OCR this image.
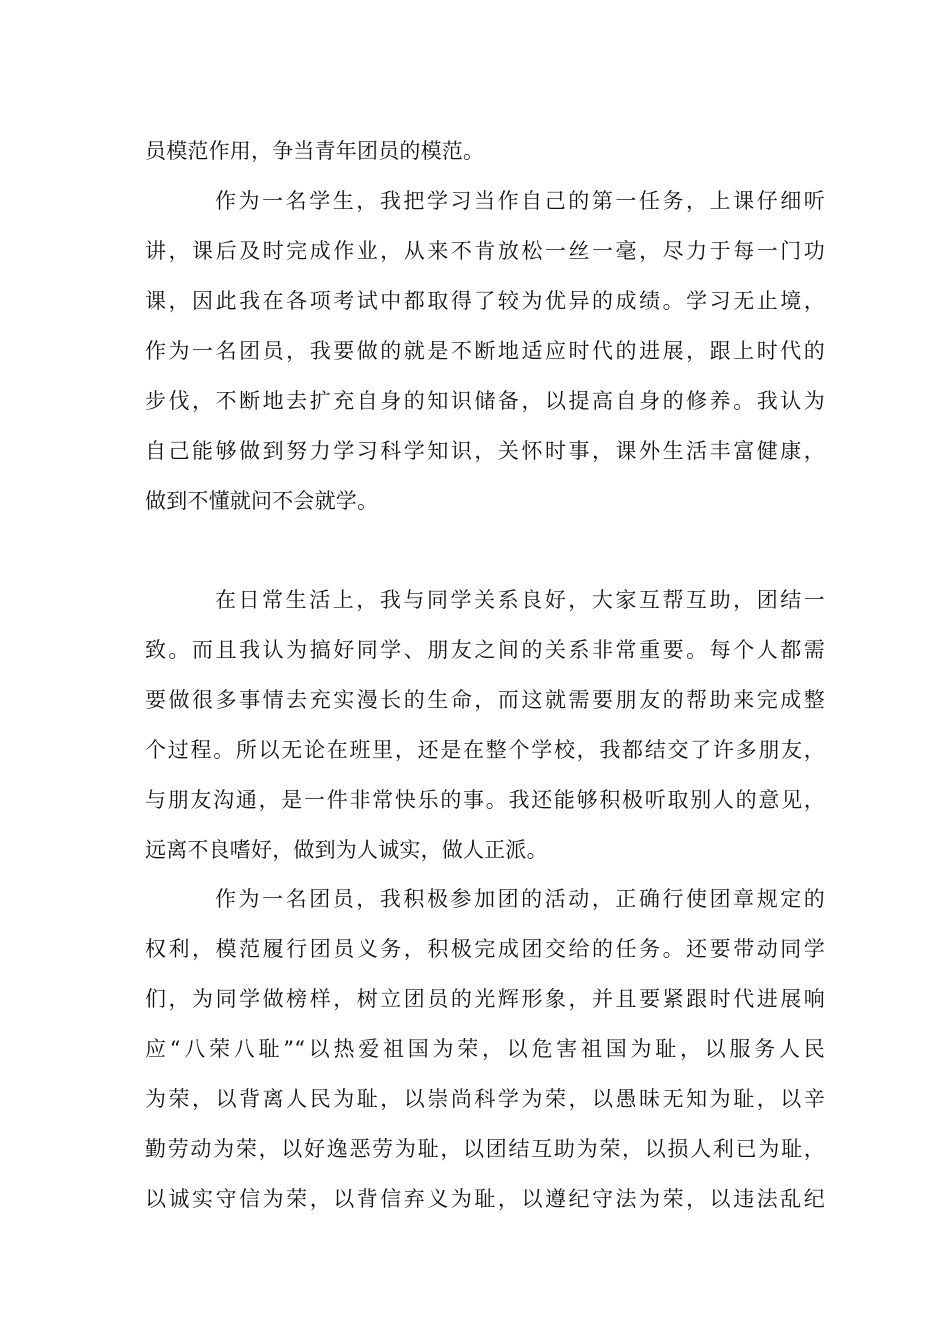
员模范作用，争当青年团员的模范。
作为一名学生，我把学习当作自己的第一任务，上课仔细听
讲，课后及时完成作业，从来不肯放松一丝一毫，尽力于每一门功
课，因此我在各项考试中都取得了较为优异的成绩。学习无止境，
作为一名团员，我要做的就是不断地适应时代的进展，跟上时代的
步伐，不断地去扩充自身的知识储备，以提高自身的修养。我认为
自己能够做到努力学习科学知识，关怀时事，课外生活丰富健康，
做到不懂就问不会就学。
在日常生活上，我与同学关系良好，大家互帮互助，团结一
致。而且我认为搞好同学、朋友之间的关系非常重要。每个人都需
要做很多事情去充实漫长的生命，而这就需要朋友的帮助来完成整
个过程。所以无论在班里，还是在整个学校，我都结交了许多朋友，
与朋友沟通，是一件非常快乐的事。我还能够积极听取别人的意见，
远离不良嗜好，做到为人诚实，做人正派。
作为一名团员，我积极参加团的活动，正确行使团章规定的
权利，模范履行团员义务，积极完成团交给的任务。还要带动同学
们，为同学做榜样，树立团员的光辉形象，并且要紧跟时代进展响
应“八荣八耻”“以热爱祖国为荣，以危害祖国为耻，以服务人民
为荣，以背离人民为耻，以崇尚科学为荣，以愚昧无知为耻，以辛
勤劳动为荣，以好逸恶劳为耻，以团结互助为荣，以损人利已为耻，
以诚实守信为荣，以背信弃义为耻，以遵纪守法为荣，以违法乱纪
